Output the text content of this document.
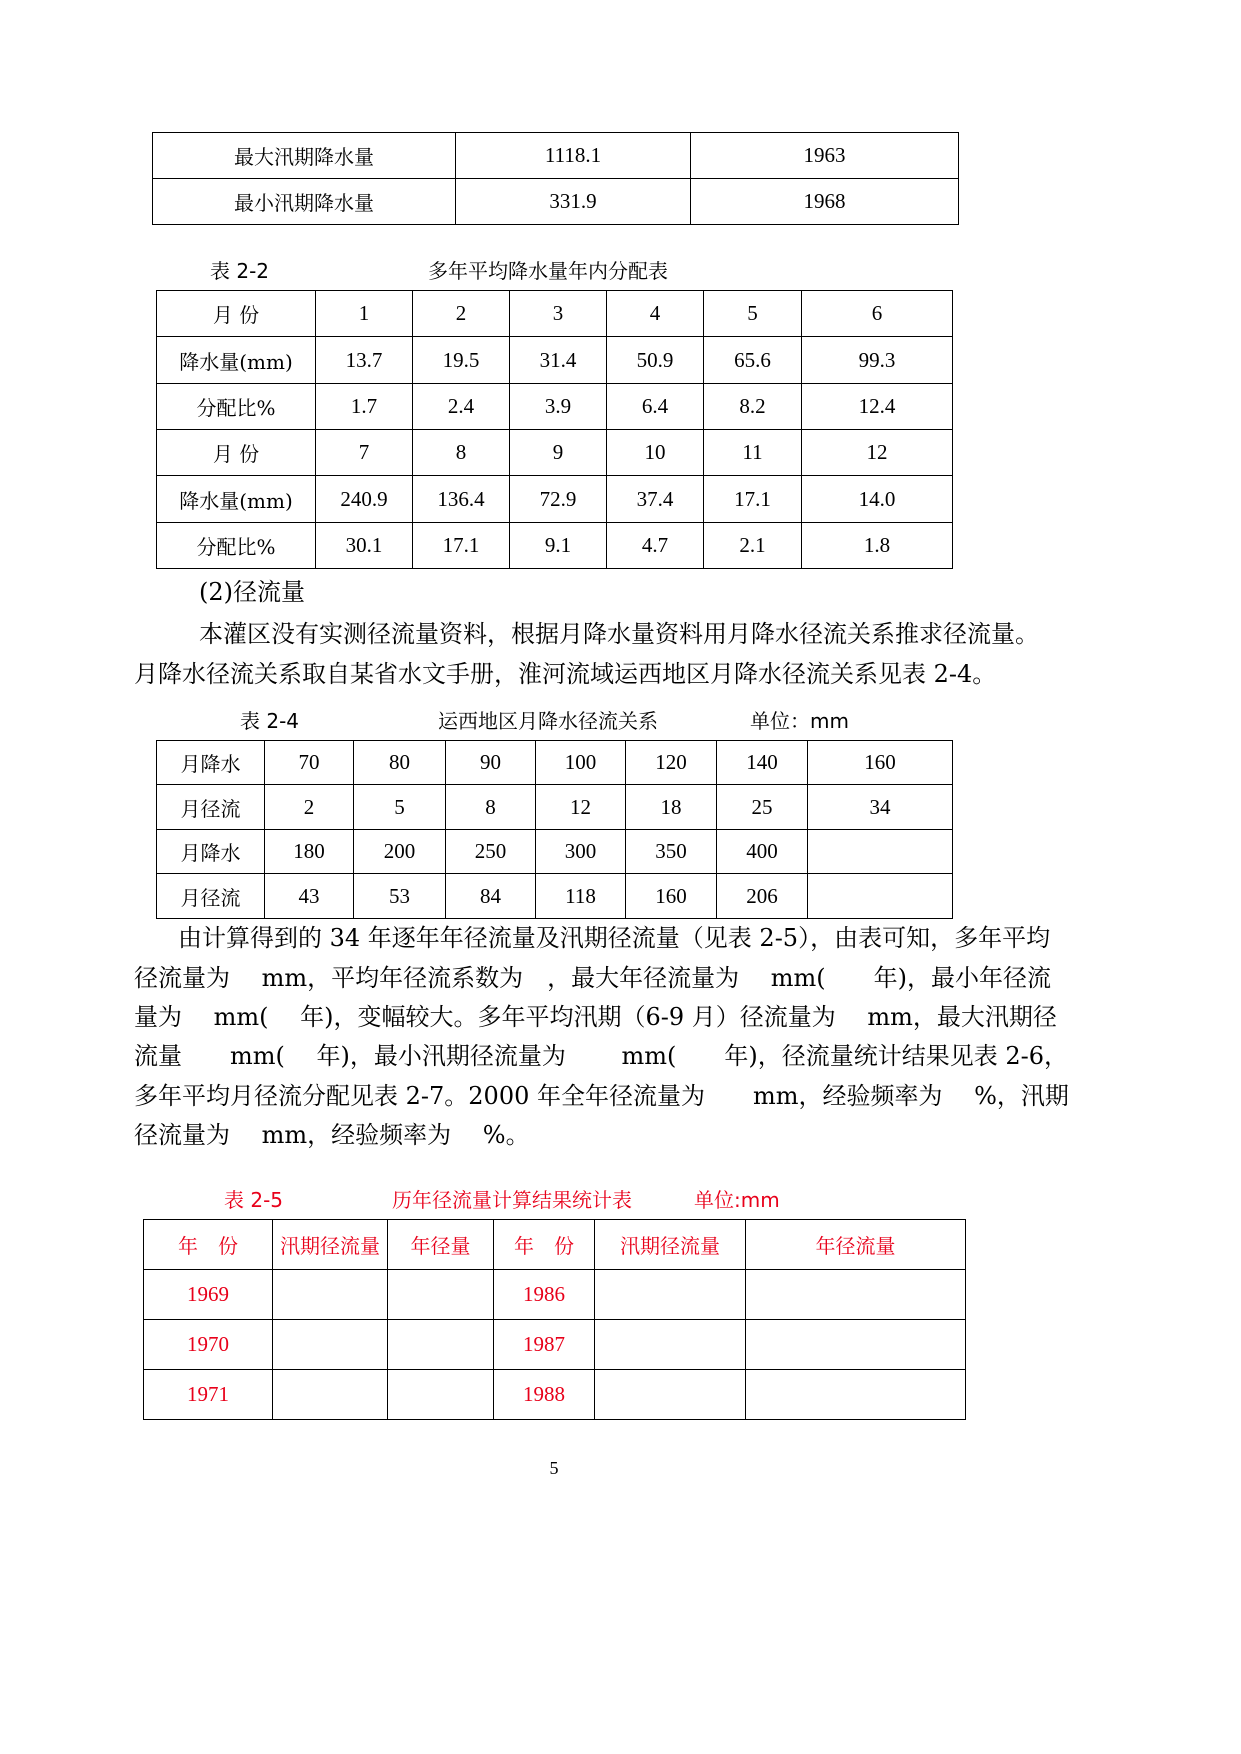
最大汛期降水量	1118.1	1963
最小汛期降水量	331.9	1968
表 2-2	多年平均降水量年内分配表
月 份	1	2	3	4	5	6
降水量(mm)	13.7	19.5	31.4	50.9	65.6	99.3
分配比%	1.7	2.4	3.9	6.4	8.2	12.4
月 份	7	8	9	10	11	12
降水量(mm)	240.9	136.4	72.9	37.4	17.1	14.0
分配比%	30.1	17.1	9.1	4.7	2.1	1.8
(2)径流量
本灌区没有实测径流量资料，根据月降水量资料用月降水径流关系推求径流量。
月降水径流关系取自某省水文手册，淮河流域运西地区月降水径流关系见表 2-4。
表 2-4	运西地区月降水径流关系	单位：mm
月降水	70	80	90	100	120	140	160
月径流	2	5	8	12	18	25	34
月降水	180	200	250	300	350	400	
月径流	43	53	84	118	160	206	
由计算得到的 34 年逐年年径流量及汛期径流量（见表 2-5），由表可知，多年平均
径流量为　 mm，平均年径流系数为　，最大年径流量为　 mm(　　年)，最小年径流
量为　 mm(　 年)，变幅较大。多年平均汛期（6-9 月）径流量为　 mm，最大汛期径
流量　　mm(　 年)，最小汛期径流量为　　 mm(　　年)，径流量统计结果见表 2-6，
多年平均月径流分配见表 2-7。2000 年全年径流量为　　mm，经验频率为　 %，汛期
径流量为　 mm，经验频率为　 %。
表 2-5	历年径流量计算结果统计表	单位:mm
年　份	汛期径流量	年径量	年　份	汛期径流量	年径流量
1969			1986		
1970			1987		
1971			1988		
5
